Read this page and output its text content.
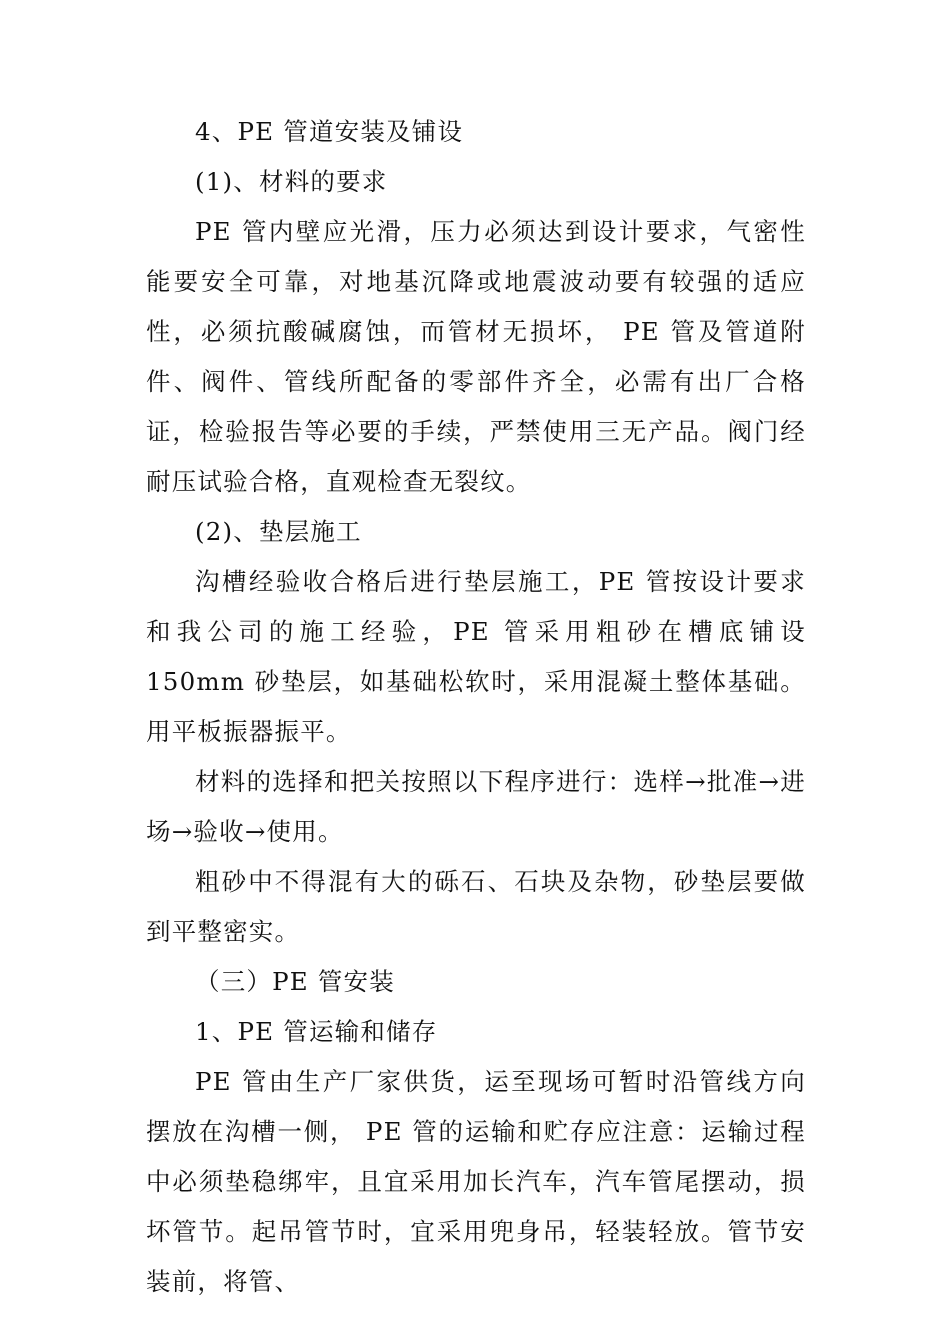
4、PE 管道安装及铺设

(1)、材料的要求

PE 管内壁应光滑，压力必须达到设计要求，气密性能要安全可靠，对地基沉降或地震波动要有较强的适应性，必须抗酸碱腐蚀，而管材无损坏， PE 管及管道附件、阀件、管线所配备的零部件齐全，必需有出厂合格证，检验报告等必要的手续，严禁使用三无产品。阀门经耐压试验合格，直观检查无裂纹。

(2)、垫层施工

沟槽经验收合格后进行垫层施工，PE 管按设计要求和我公司的施工经验，PE 管采用粗砂在槽底铺设 150mm 砂垫层，如基础松软时，采用混凝土整体基础。用平板振器振平。

材料的选择和把关按照以下程序进行：选样→批准→进场→验收→使用。

粗砂中不得混有大的砾石、石块及杂物，砂垫层要做到平整密实。

（三）PE 管安装

1、PE 管运输和储存

PE 管由生产厂家供货，运至现场可暂时沿管线方向摆放在沟槽一侧， PE 管的运输和贮存应注意：运输过程中必须垫稳绑牢，且宜采用加长汽车，汽车管尾摆动，损坏管节。起吊管节时，宜采用兜身吊，轻装轻放。管节安装前，将管、
